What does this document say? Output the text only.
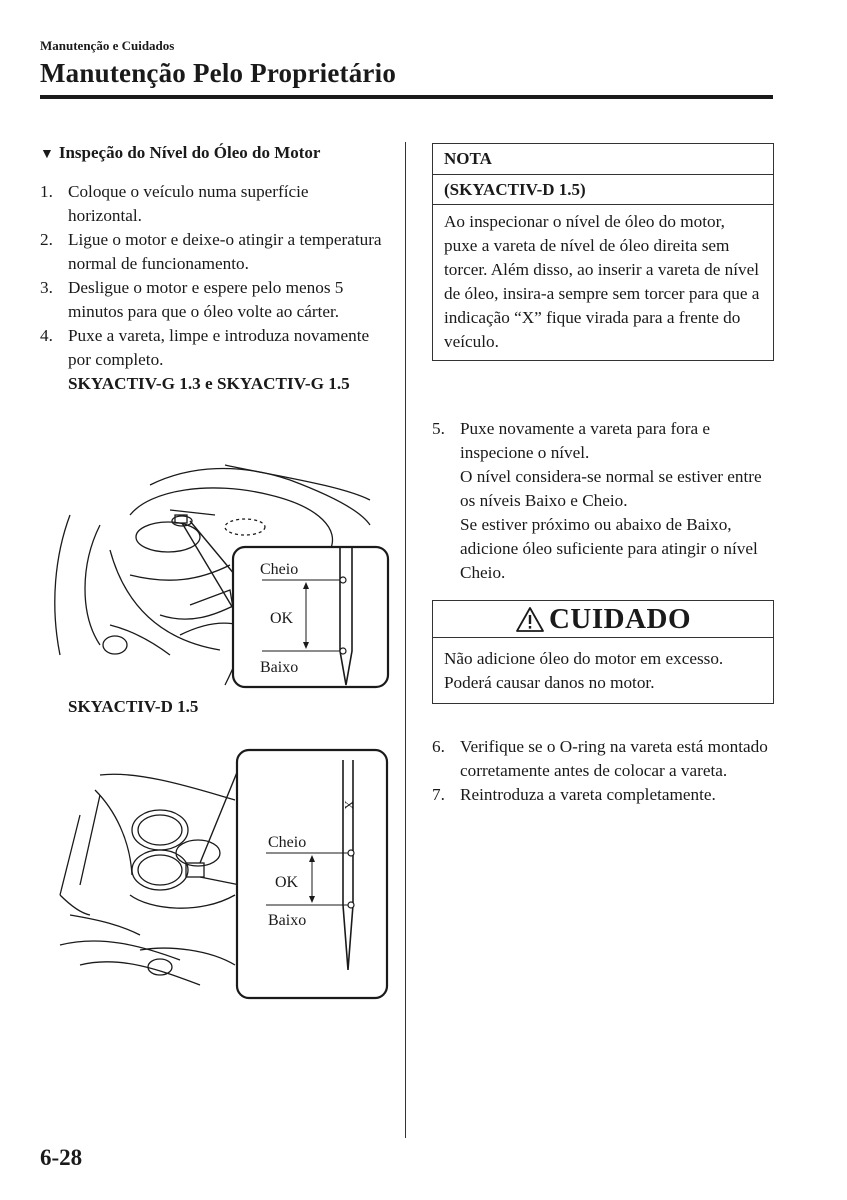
Manutenção e Cuidados
Manutenção Pelo Proprietário
▼ Inspeção do Nível do Óleo do Motor
1. Coloque o veículo numa superfície horizontal.
2. Ligue o motor e deixe-o atingir a temperatura normal de funcionamento.
3. Desligue o motor e espere pelo menos 5 minutos para que o óleo volte ao cárter.
4. Puxe a vareta, limpe e introduza novamente por completo.
SKYACTIV-G 1.3 e SKYACTIV-G 1.5
Cheio
OK
Baixo
SKYACTIV-D 1.5
X
Cheio
OK
Baixo
NOTA
(SKYACTIV-D 1.5)
Ao inspecionar o nível de óleo do motor, puxe a vareta de nível de óleo direita sem torcer. Além disso, ao inserir a vareta de nível de óleo, insira-a sempre sem torcer para que a indicação “X” fique virada para a frente do veículo.
5. Puxe novamente a vareta para fora e inspecione o nível.
O nível considera-se normal se estiver entre os níveis Baixo e Cheio.
Se estiver próximo ou abaixo de Baixo, adicione óleo suficiente para atingir o nível Cheio.
CUIDADO
Não adicione óleo do motor em excesso. Poderá causar danos no motor.
6. Verifique se o O-ring na vareta está montado corretamente antes de colocar a vareta.
7. Reintroduza a vareta completamente.
6-28
